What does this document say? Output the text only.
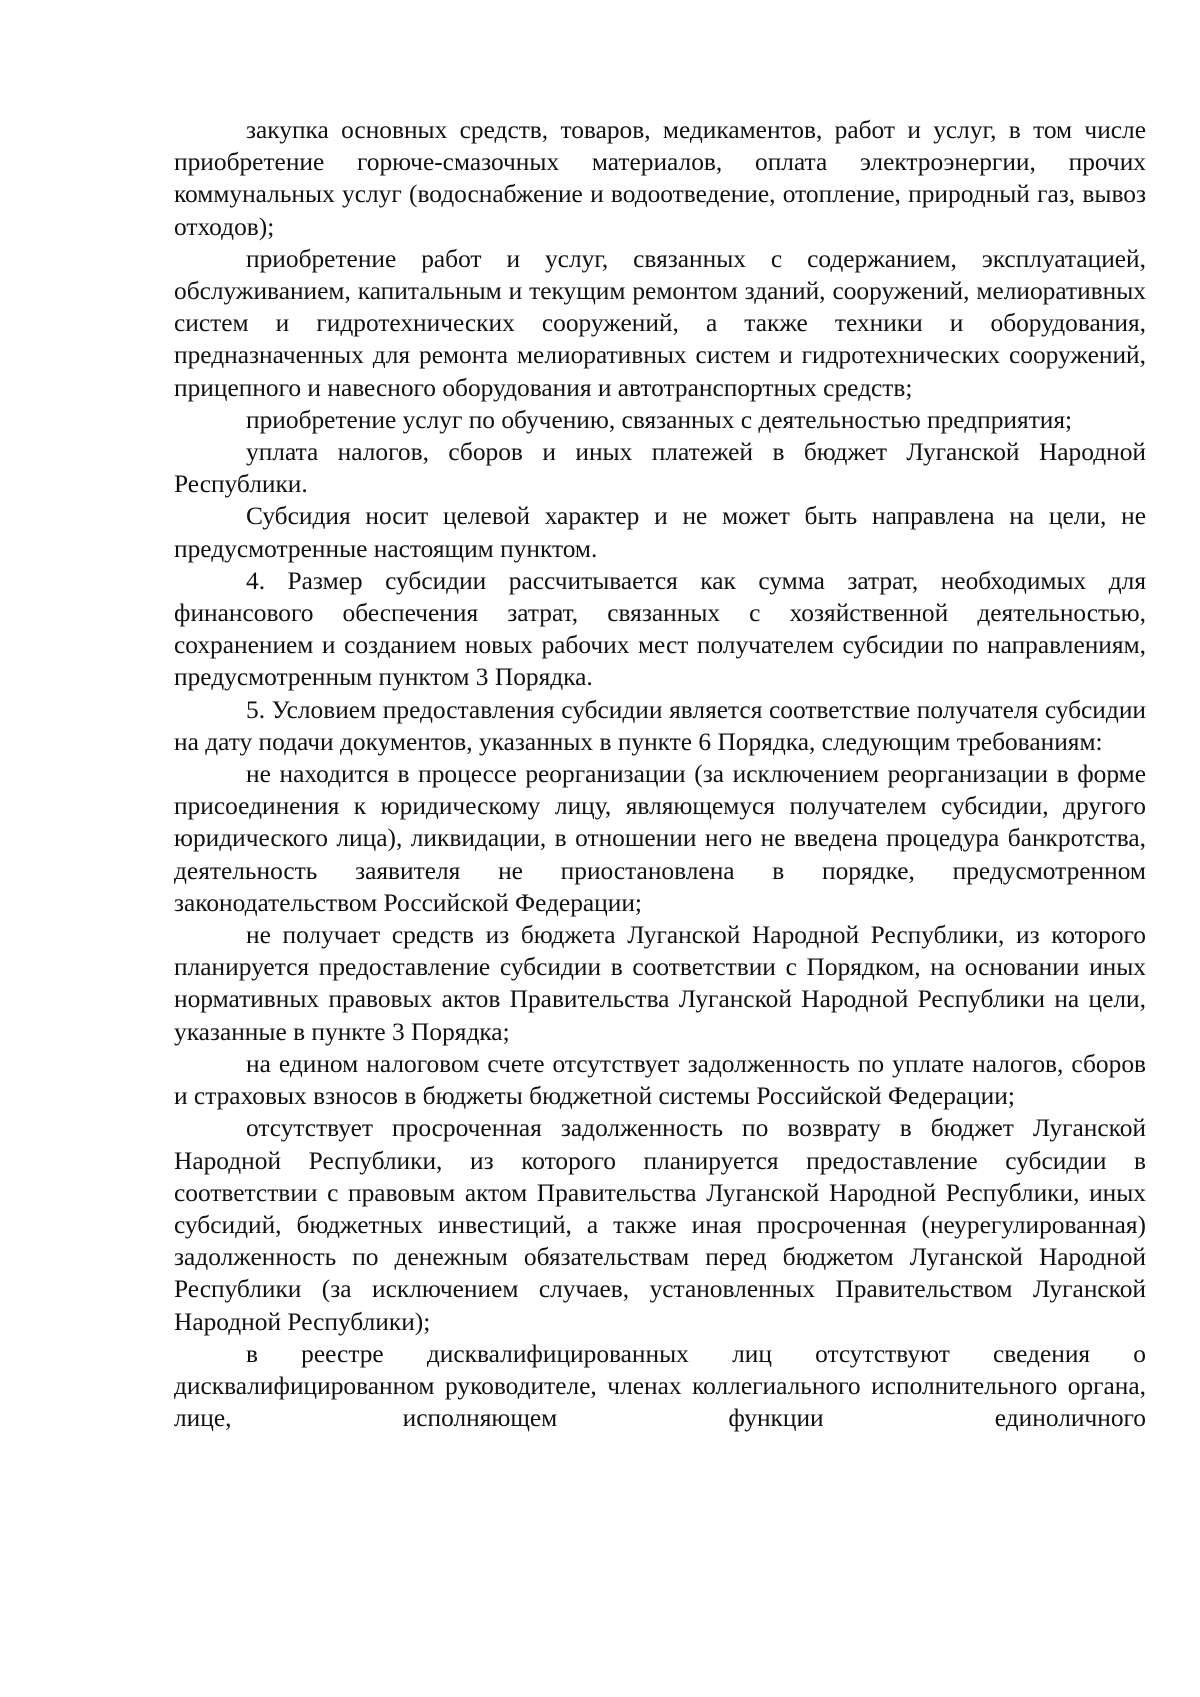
закупка основных средств, товаров, медикаментов, работ и услуг, в том числе приобретение горюче-смазочных материалов, оплата электроэнергии, прочих коммунальных услуг (водоснабжение и водоотведение, отопление, природный газ, вывоз отходов);

приобретение работ и услуг, связанных с содержанием, эксплуатацией, обслуживанием, капитальным и текущим ремонтом зданий, сооружений, мелиоративных систем и гидротехнических сооружений, а также техники и оборудования, предназначенных для ремонта мелиоративных систем и гидротехнических сооружений, прицепного и навесного оборудования и автотранспортных средств;

приобретение услуг по обучению, связанных с деятельностью предприятия;

уплата налогов, сборов и иных платежей в бюджет Луганской Народной Республики.

Субсидия носит целевой характер и не может быть направлена на цели, не предусмотренные настоящим пунктом.

4. Размер субсидии рассчитывается как сумма затрат, необходимых для финансового обеспечения затрат, связанных с хозяйственной деятельностью, сохранением и созданием новых рабочих мест получателем субсидии по направлениям, предусмотренным пунктом 3 Порядка.

5. Условием предоставления субсидии является соответствие получателя субсидии на дату подачи документов, указанных в пункте 6 Порядка, следующим требованиям:

не находится в процессе реорганизации (за исключением реорганизации в форме присоединения к юридическому лицу, являющемуся получателем субсидии, другого юридического лица), ликвидации, в отношении него не введена процедура банкротства, деятельность заявителя не приостановлена в порядке, предусмотренном законодательством Российской Федерации;

не получает средств из бюджета Луганской Народной Республики, из которого планируется предоставление субсидии в соответствии с Порядком, на основании иных нормативных правовых актов Правительства Луганской Народной Республики на цели, указанные в пункте 3 Порядка;

на едином налоговом счете отсутствует задолженность по уплате налогов, сборов и страховых взносов в бюджеты бюджетной системы Российской Федерации;

отсутствует просроченная задолженность по возврату в бюджет Луганской Народной Республики, из которого планируется предоставление субсидии в соответствии с правовым актом Правительства Луганской Народной Республики, иных субсидий, бюджетных инвестиций, а также иная просроченная (неурегулированная) задолженность по денежным обязательствам перед бюджетом Луганской Народной Республики (за исключением случаев, установленных Правительством Луганской Народной Республики);

в реестре дисквалифицированных лиц отсутствуют сведения о дисквалифицированном руководителе, членах коллегиального исполнительного органа, лице, исполняющем функции единоличного
